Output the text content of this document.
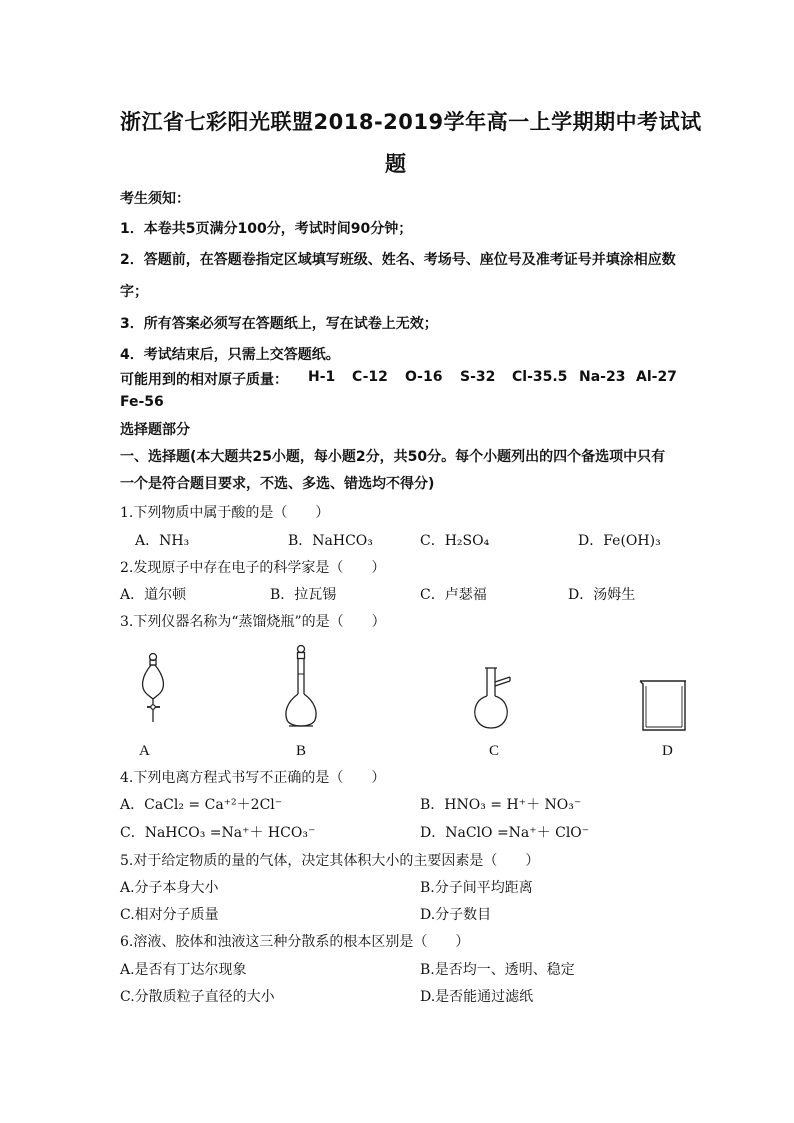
浙江省七彩阳光联盟2018-2019学年高一上学期期中考试试
题
考生须知：
1．本卷共5页满分100分，考试时间90分钟；
2．答题前，在答题卷指定区域填写班级、姓名、考场号、座位号及准考证号并填涂相应数
字；
3．所有答案必须写在答题纸上，写在试卷上无效；
4．考试结束后，只需上交答题纸。
可能用到的相对原子质量： H-1 C-12 O-16 S-32 Cl-35.5 Na-23 Al-27
Fe-56
选择题部分
一、选择题(本大题共25小题，每小题2分，共50分。每个小题列出的四个备选项中只有
一个是符合题目要求，不选、多选、错选均不得分)
1.下列物质中属于酸的是（　　）
A．NH₃	B．NaHCO₃	C．H₂SO₄	D．Fe(OH)₃
2.发现原子中存在电子的科学家是（　　）
A．道尔顿	B．拉瓦锡	C．卢瑟福	D．汤姆生
3.下列仪器名称为“蒸馏烧瓶”的是（　　）
A	B	C	D
4.下列电离方程式书写不正确的是（　　）
A．CaCl₂ = Ca⁺²＋2Cl⁻	B．HNO₃ = H⁺＋ NO₃⁻
C．NaHCO₃ =Na⁺＋ HCO₃⁻	D．NaClO =Na⁺＋ ClO⁻
5.对于给定物质的量的气体，决定其体积大小的主要因素是（　　）
A.分子本身大小	B.分子间平均距离
C.相对分子质量	D.分子数目
6.溶液、胶体和浊液这三种分散系的根本区别是（　　）
A.是否有丁达尔现象	B.是否均一、透明、稳定
C.分散质粒子直径的大小	D.是否能通过滤纸
